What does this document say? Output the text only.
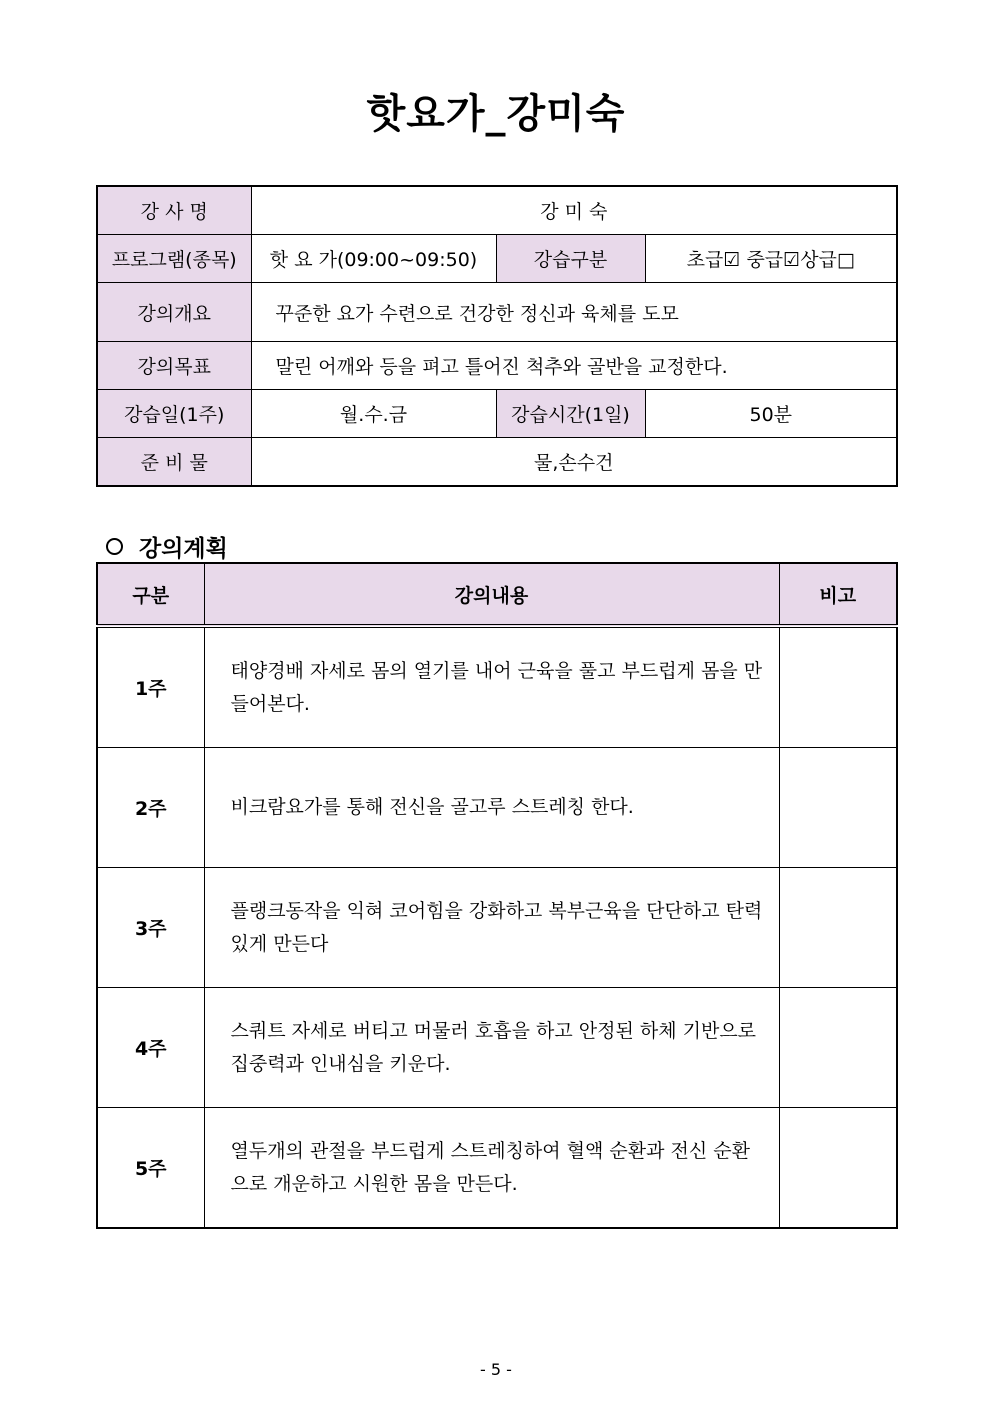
핫요가_강미숙
강 사 명	강 미 숙		
프로그램(종목)	핫 요 가(09:00~09:50)	강습구분	초급☑ 중급☑상급□
강의개요	꾸준한 요가 수련으로 건강한 정신과 육체를 도모		
강의목표	말린 어깨와 등을 펴고 틀어진 척추와 골반을 교정한다.		
강습일(1주)	월.수.금	강습시간(1일)	50분
준 비 물	물,손수건		
강의계획
구분	강의내용	비고
1주	태양경배 자세로 몸의 열기를 내어 근육을 풀고 부드럽게 몸을 만들어본다.	
2주	비크람요가를 통해 전신을 골고루 스트레칭 한다.	
3주	플랭크동작을 익혀 코어힘을 강화하고 복부근육을 단단하고 탄력있게 만든다	
4주	스쿼트 자세로 버티고 머물러 호흡을 하고 안정된 하체 기반으로 집중력과 인내심을 키운다.	
5주	열두개의 관절을 부드럽게 스트레칭하여 혈액 순환과 전신 순환으로 개운하고 시원한 몸을 만든다.	
- 5 -
